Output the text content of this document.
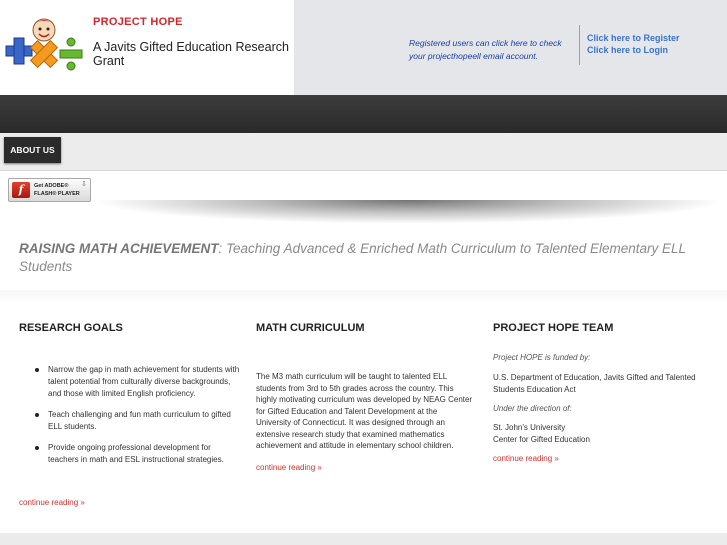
PROJECT HOPE
A Javits Gifted Education Research Grant
Registered users can click here to check your projecthopeell email account.
Click here to Register
Click here to Login
ABOUT US
f	Get ADOBE®
FLASH® PLAYER
⇩
RAISING MATH ACHIEVEMENT: Teaching Advanced & Enriched Math Curriculum to Talented Elementary ELL Students
RESEARCH GOALS
Narrow the gap in math achievement for students with talent potential from culturally diverse backgrounds, and those with limited English proficiency.
Teach challenging and fun math curriculum to gifted ELL students.
Provide ongoing professional development for teachers in math and ESL instructional strategies.
continue reading »
MATH CURRICULUM
The M3 math curriculum will be taught to talented ELL students from 3rd to 5th grades across the country. This highly motivating curriculum was developed by NEAG Center for Gifted Education and Talent Development at the University of Connecticut. It was designed through an extensive research study that examined mathematics achievement and attitude in elementary school children.
continue reading »
PROJECT HOPE TEAM
Project HOPE is funded by:
U.S. Department of Education, Javits Gifted and Talented Students Education Act
Under the direction of:
St. John's University
Center for Gifted Education
continue reading »
